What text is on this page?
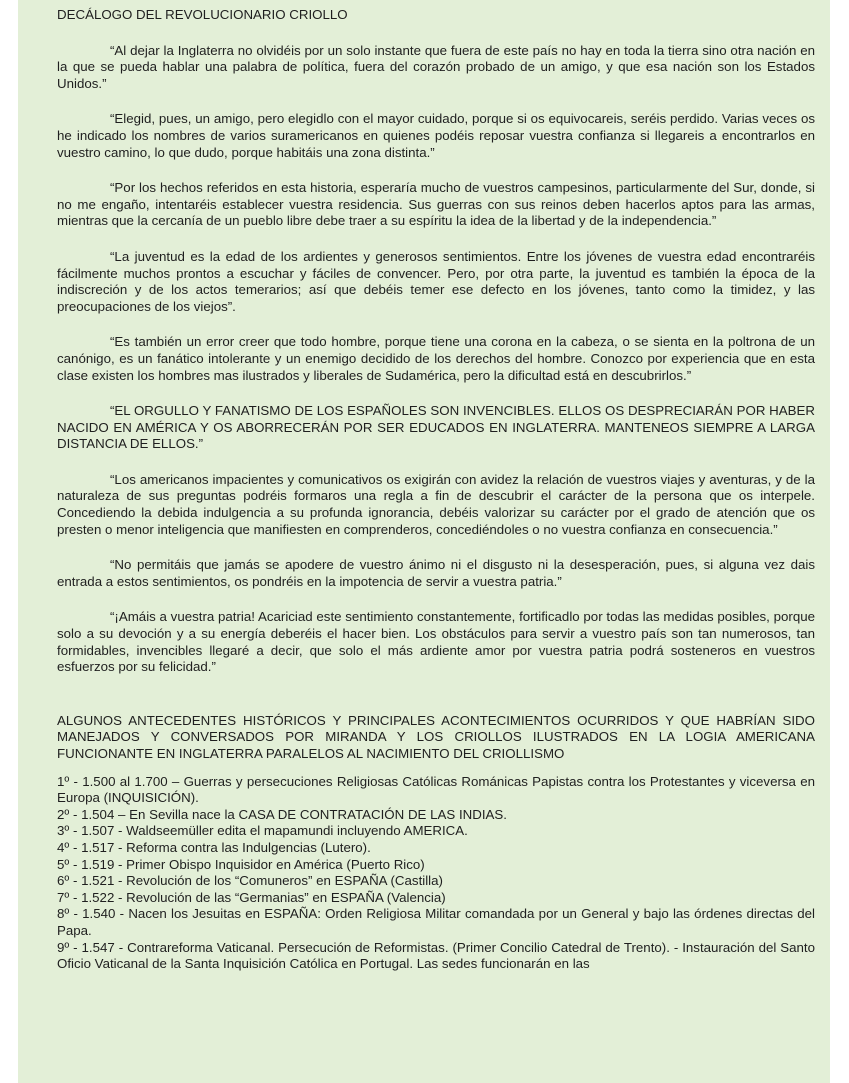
DECÁLOGO DEL REVOLUCIONARIO CRIOLLO

“Al dejar la Inglaterra no olvidéis por un solo instante que fuera de este país no hay en toda la tierra sino otra nación en la que se pueda hablar una palabra de política, fuera del corazón probado de un amigo, y que esa nación son los Estados Unidos.”

“Elegid, pues, un amigo, pero elegidlo con el mayor cuidado, porque si os equivocareis, seréis perdido. Varias veces os he indicado los nombres de varios suramericanos en quienes podéis reposar vuestra confianza si llegareis a encontrarlos en vuestro camino, lo que dudo, porque habitáis una zona distinta.”

“Por los hechos referidos en esta historia, esperaría mucho de vuestros campesinos, particularmente del Sur, donde, si no me engaño, intentaréis establecer vuestra residencia. Sus guerras con sus reinos deben hacerlos aptos para las armas, mientras que la cercanía de un pueblo libre debe traer a su espíritu la idea de la libertad y de la independencia.”

“La juventud es la edad de los ardientes y generosos sentimientos. Entre los jóvenes de vuestra edad encontraréis fácilmente muchos prontos a escuchar y fáciles de convencer. Pero, por otra parte, la juventud es también la época de la indiscreción y de los actos temerarios; así que debéis temer ese defecto en los jóvenes, tanto como la timidez, y las preocupaciones de los viejos”.

“Es también un error creer que todo hombre, porque tiene una corona en la cabeza, o se sienta en la poltrona de un canónigo, es un fanático intolerante y un enemigo decidido de los derechos del hombre. Conozco por experiencia que en esta clase existen los hombres mas ilustrados y liberales de Sudamérica, pero la dificultad está en descubrirlos.”

“EL ORGULLO Y FANATISMO DE LOS ESPAÑOLES SON INVENCIBLES. ELLOS OS DESPRECIARÁN POR HABER NACIDO EN AMÉRICA Y OS ABORRECERÁN POR SER EDUCADOS EN INGLATERRA. MANTENEOS SIEMPRE A LARGA DISTANCIA DE ELLOS.”

“Los americanos impacientes y comunicativos os exigirán con avidez la relación de vuestros viajes y aventuras, y de la naturaleza de sus preguntas podréis formaros una regla a fin de descubrir el carácter de la persona que os interpele. Concediendo la debida indulgencia a su profunda ignorancia, debéis valorizar su carácter por el grado de atención que os presten o menor inteligencia que manifiesten en comprenderos, concediéndoles o no vuestra confianza en consecuencia.”

“No permitáis que jamás se apodere de vuestro ánimo ni el disgusto ni la desesperación, pues, si alguna vez dais entrada a estos sentimientos, os pondréis en la impotencia de servir a vuestra patria.”

“¡Amáis a vuestra patria! Acariciad este sentimiento constantemente, fortificadlo por todas las medidas posibles, porque solo a su devoción y a su energía deberéis el hacer bien. Los obstáculos para servir a vuestro país son tan numerosos, tan formidables, invencibles llegaré a decir, que solo el más ardiente amor por vuestra patria podrá sosteneros en vuestros esfuerzos por su felicidad.”

ALGUNOS ANTECEDENTES HISTÓRICOS Y PRINCIPALES ACONTECIMIENTOS OCURRIDOS Y QUE HABRÍAN SIDO MANEJADOS Y CONVERSADOS POR MIRANDA Y LOS CRIOLLOS ILUSTRADOS EN LA LOGIA AMERICANA FUNCIONANTE EN INGLATERRA PARALELOS AL NACIMIENTO DEL CRIOLLISMO

1º - 1.500 al 1.700 – Guerras y persecuciones Religiosas Católicas Románicas Papistas contra los Protestantes y viceversa en Europa (INQUISICIÓN).

2º - 1.504 – En Sevilla nace la CASA DE CONTRATACIÓN DE LAS INDIAS.

3º - 1.507 - Waldseemüller edita el mapamundi incluyendo AMERICA.

4º - 1.517 - Reforma contra las Indulgencias (Lutero).

5º - 1.519 - Primer Obispo Inquisidor en América (Puerto Rico)

6º - 1.521 - Revolución de los “Comuneros” en ESPAÑA (Castilla)

7º - 1.522 - Revolución de las “Germanias” en ESPAÑA (Valencia)

8º - 1.540 - Nacen los Jesuitas en ESPAÑA: Orden Religiosa Militar comandada por un General y bajo las órdenes directas del Papa.

9º - 1.547 - Contrareforma Vaticanal. Persecución de Reformistas. (Primer Concilio Catedral de Trento). - Instauración del Santo Oficio Vaticanal de la Santa Inquisición Católica en Portugal. Las sedes funcionarán en las
